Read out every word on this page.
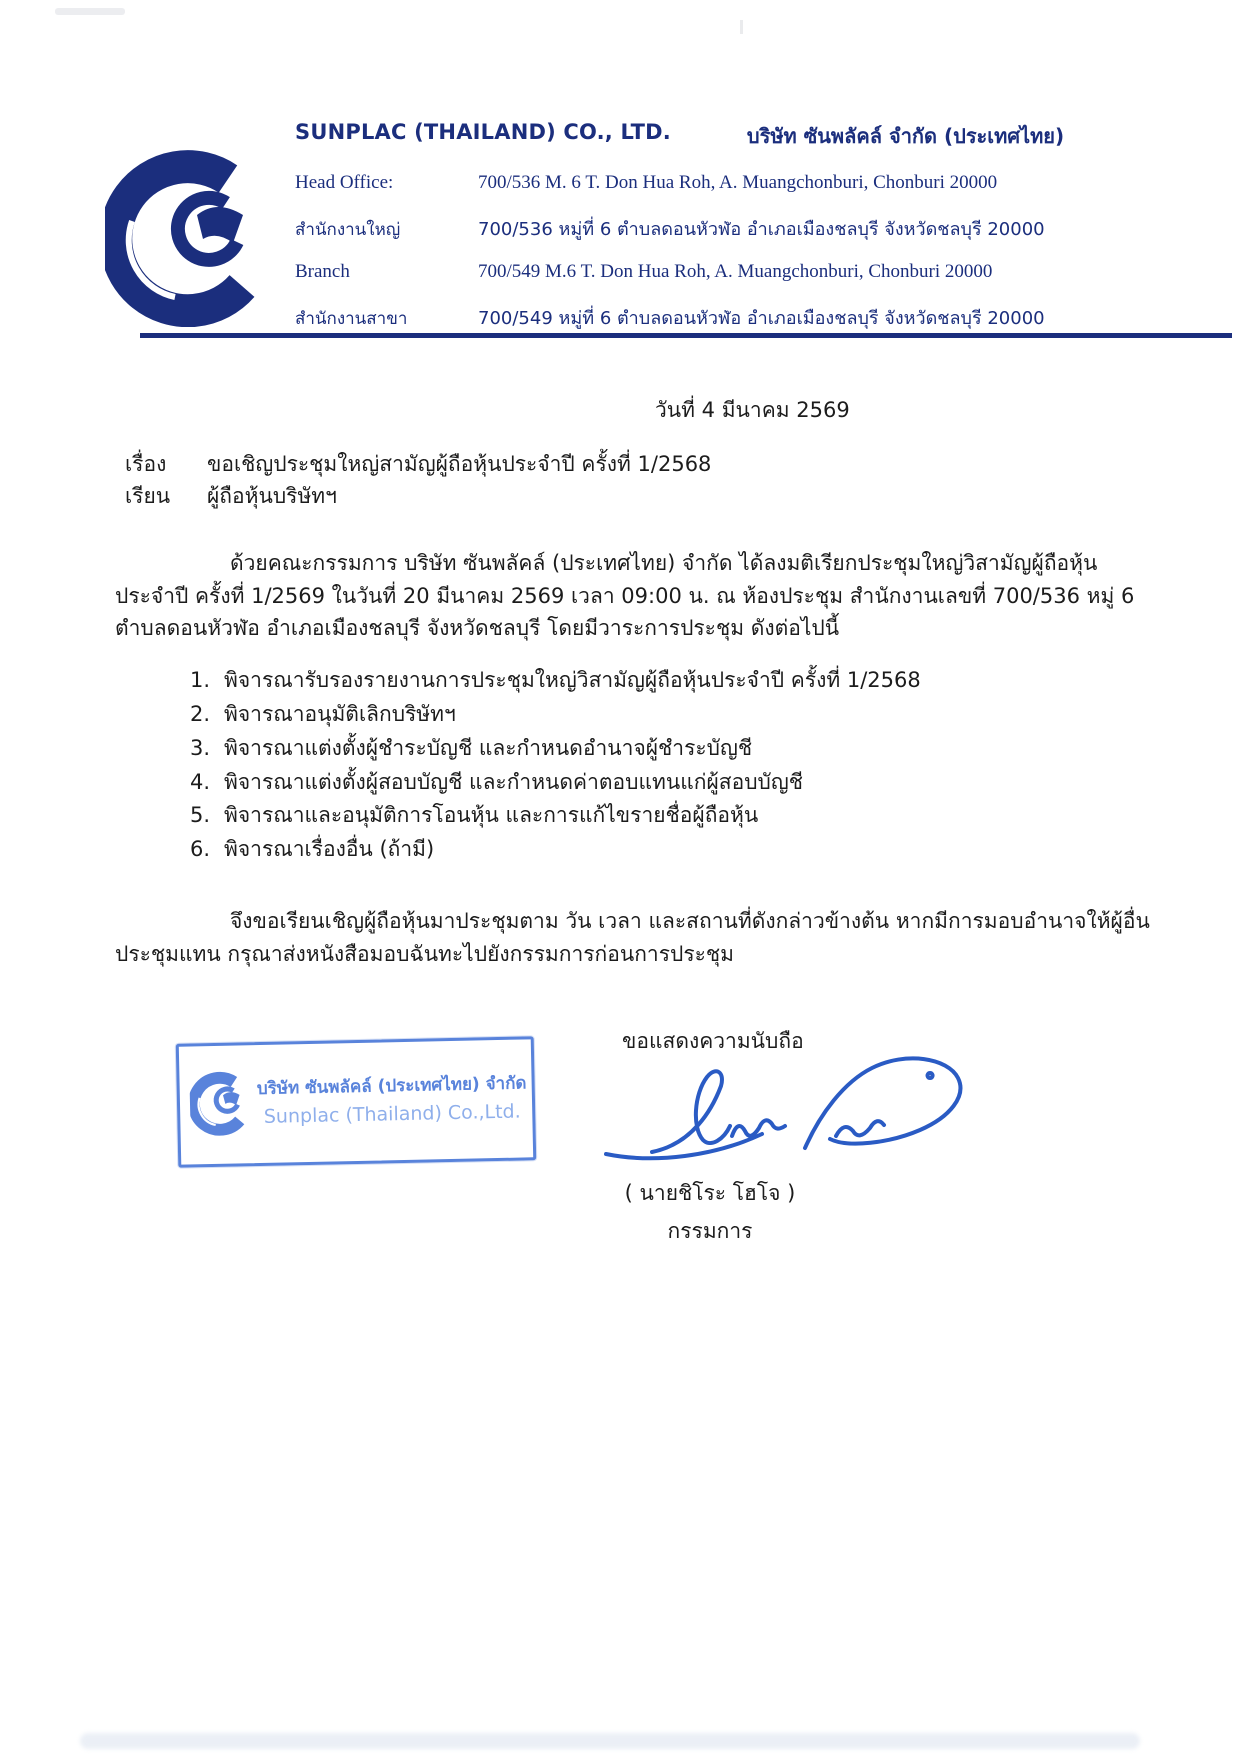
SUNPLAC (THAILAND) CO., LTD.	บริษัท ซันพลัคล์ จำกัด (ประเทศไทย)
Head Office:	700/536 M. 6 T. Don Hua Roh, A. Muangchonburi, Chonburi 20000
สำนักงานใหญ่	700/536 หมู่ที่ 6 ตำบลดอนหัวฬ่อ อำเภอเมืองชลบุรี จังหวัดชลบุรี 20000
Branch	700/549 M.6 T. Don Hua Roh, A. Muangchonburi, Chonburi 20000
สำนักงานสาขา	700/549 หมู่ที่ 6 ตำบลดอนหัวฬ่อ อำเภอเมืองชลบุรี จังหวัดชลบุรี 20000
วันที่ 4 มีนาคม 2569
เรื่อง ขอเชิญประชุมใหญ่สามัญผู้ถือหุ้นประจำปี ครั้งที่ 1/2568
เรียน ผู้ถือหุ้นบริษัทฯ
ด้วยคณะกรรมการ บริษัท ซันพลัคล์ (ประเทศไทย) จำกัด ได้ลงมติเรียกประชุมใหญ่วิสามัญผู้ถือหุ้น
ประจำปี ครั้งที่ 1/2569 ในวันที่ 20 มีนาคม 2569 เวลา 09:00 น. ณ ห้องประชุม สำนักงานเลขที่ 700/536 หมู่ 6
ตำบลดอนหัวฬ่อ อำเภอเมืองชลบุรี จังหวัดชลบุรี โดยมีวาระการประชุม ดังต่อไปนี้
1. พิจารณารับรองรายงานการประชุมใหญ่วิสามัญผู้ถือหุ้นประจำปี ครั้งที่ 1/2568
2. พิจารณาอนุมัติเลิกบริษัทฯ
3. พิจารณาแต่งตั้งผู้ชำระบัญชี และกำหนดอำนาจผู้ชำระบัญชี
4. พิจารณาแต่งตั้งผู้สอบบัญชี และกำหนดค่าตอบแทนแก่ผู้สอบบัญชี
5. พิจารณาและอนุมัติการโอนหุ้น และการแก้ไขรายชื่อผู้ถือหุ้น
6. พิจารณาเรื่องอื่น (ถ้ามี)
จึงขอเรียนเชิญผู้ถือหุ้นมาประชุมตาม วัน เวลา และสถานที่ดังกล่าวข้างต้น หากมีการมอบอำนาจให้ผู้อื่น
ประชุมแทน กรุณาส่งหนังสือมอบฉันทะไปยังกรรมการก่อนการประชุม
ขอแสดงความนับถือ
บริษัท ซันพลัคล์ (ประเทศไทย) จำกัด
Sunplac (Thailand) Co.,Ltd.
( นายชิโระ โฮโจ )
กรรมการ
